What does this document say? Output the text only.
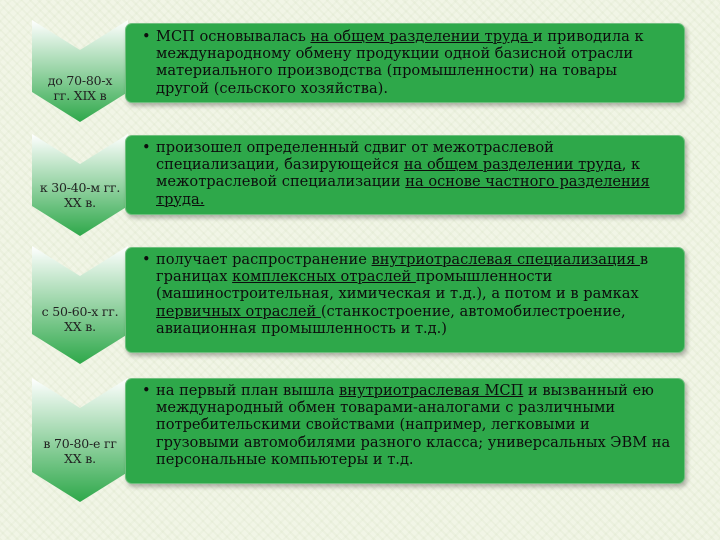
до 70-80-х
гг. XIX в
• МСП основывалась на общем разделении труда и приводила к международному обмену продукции одной базисной отрасли материального производства (промышленности) на товары другой (сельского хозяйства).
к 30-40-м гг.
XX в.
• произошел определенный сдвиг от межотраслевой специализации, базирующейся на общем разделении труда, к межотраслевой специализации на основе частного разделения труда.
с 50-60-х гг.
XX в.
• получает распространение внутриотраслевая специализация в границах комплексных отраслей промышленности (машиностроительная, химическая и т.д.), а потом и в рамках первичных отраслей (станкостроение, автомобилестроение, авиационная промышленность и т.д.)
в 70-80-е гг
XX в.
• на первый план вышла внутриотраслевая МСП и вызванный ею международный обмен товарами-аналогами с различными потребительскими свойствами (например, легковыми и грузовыми автомобилями разного класса; универсальных ЭВМ на персональные компьютеры и т.д.
